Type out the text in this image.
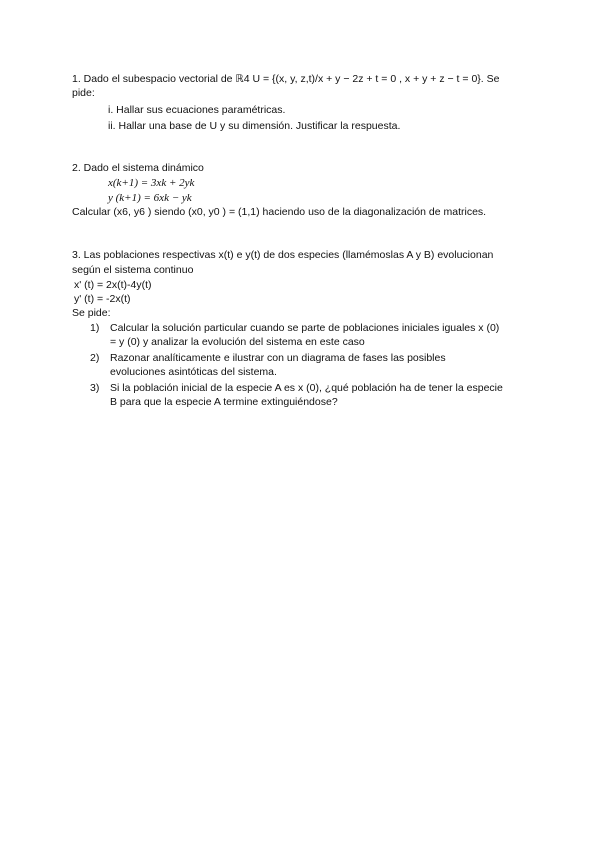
1. Dado el subespacio vectorial de ℝ4 U = {(x, y, z,t)/x + y − 2z + t = 0 , x + y + z − t = 0}. Se
pide:
i. Hallar sus ecuaciones paramétricas.
ii. Hallar una base de U y su dimensión. Justificar la respuesta.
2. Dado el sistema dinámico
x(k+1) = 3xk + 2yk
y (k+1) = 6xk − yk
Calcular (x6, y6 ) siendo (x0, y0 ) = (1,1) haciendo uso de la diagonalización de matrices.
3. Las poblaciones respectivas x(t) e y(t) de dos especies (llamémoslas A y B) evolucionan
según el sistema continuo
x' (t) = 2x(t)-4y(t)
y' (t) = -2x(t)
Se pide:
1) Calcular la solución particular cuando se parte de poblaciones iniciales iguales x (0)
= y (0) y analizar la evolución del sistema en este caso
2) Razonar analíticamente e ilustrar con un diagrama de fases las posibles
evoluciones asintóticas del sistema.
3) Si la población inicial de la especie A es x (0), ¿qué población ha de tener la especie
B para que la especie A termine extinguiéndose?
